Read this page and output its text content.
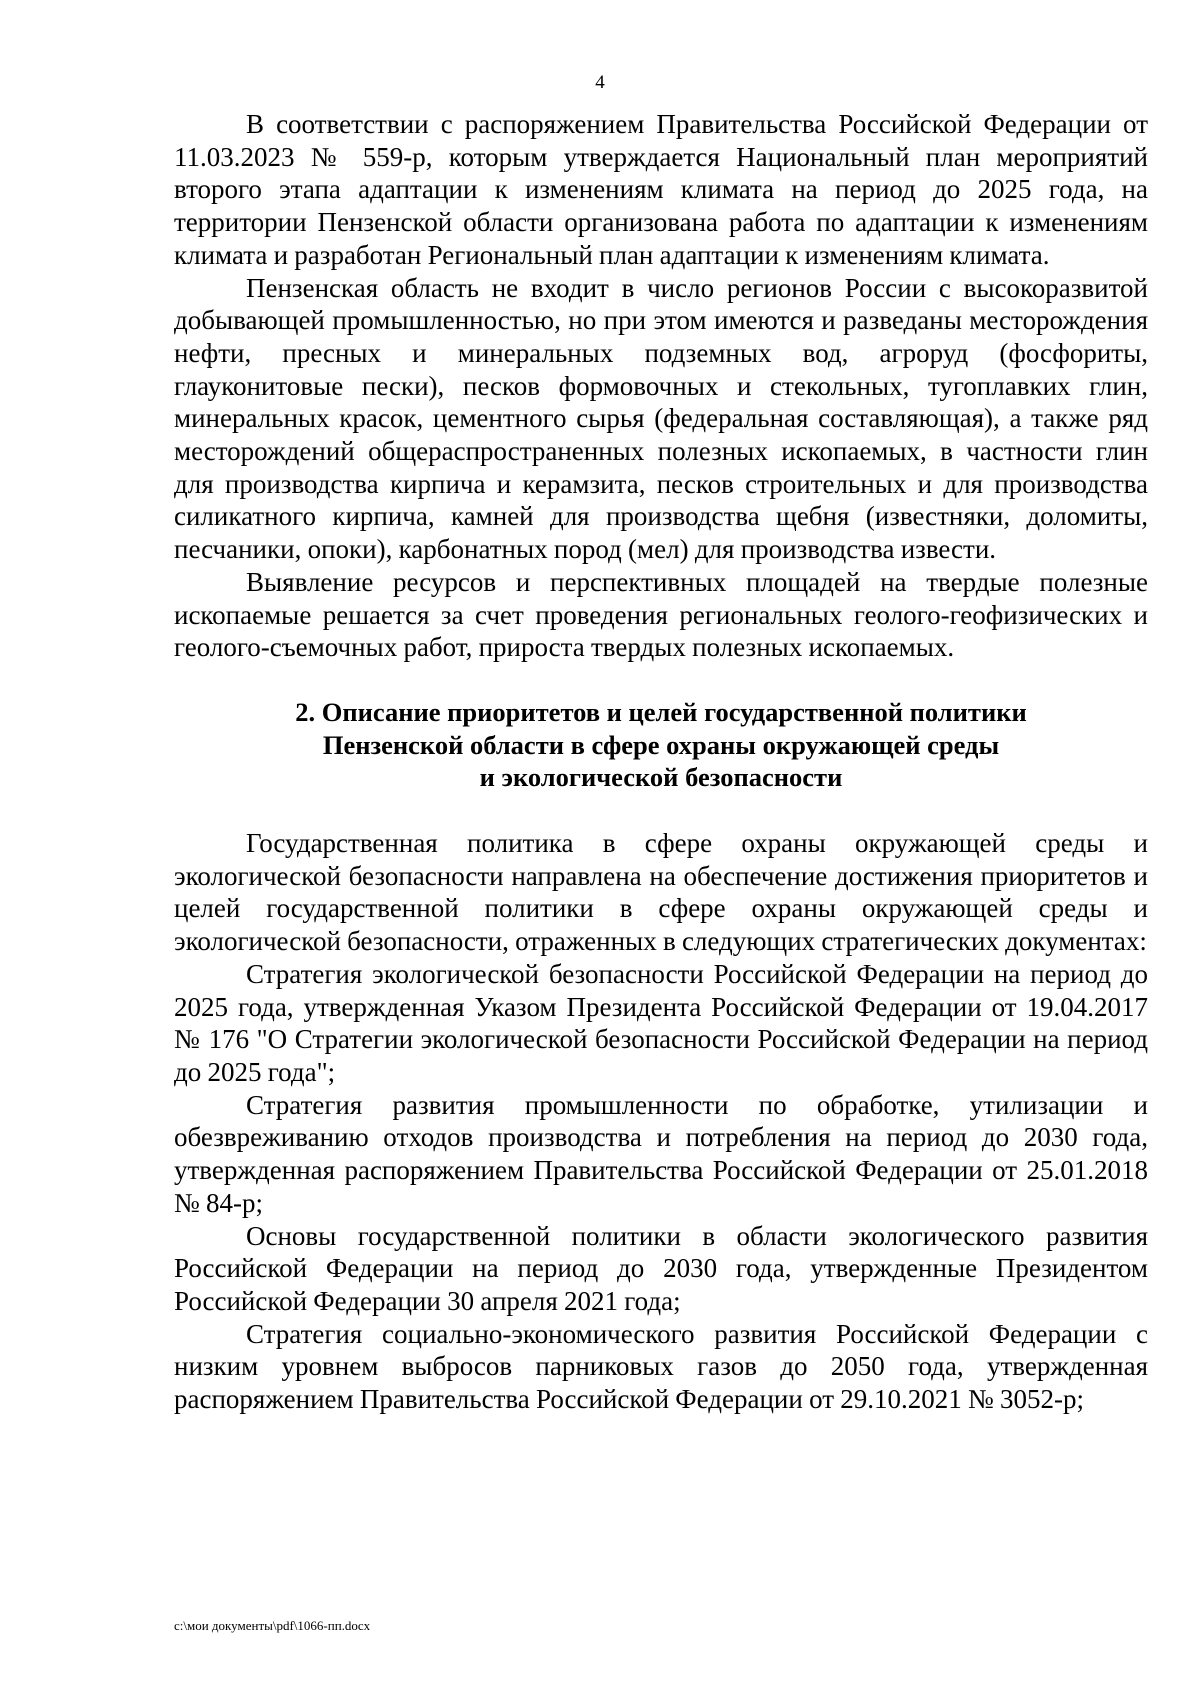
4

В соответствии с распоряжением Правительства Российской Федерации от 11.03.2023 № 559-р, которым утверждается Национальный план мероприятий второго этапа адаптации к изменениям климата на период до 2025 года, на территории Пензенской области организована работа по адаптации к изменениям климата и разработан Региональный план адаптации к изменениям климата.

Пензенская область не входит в число регионов России с высокоразвитой добывающей промышленностью, но при этом имеются и разведаны месторождения нефти, пресных и минеральных подземных вод, агроруд (фосфориты, глауконитовые пески), песков формовочных и стекольных, тугоплавких глин, минеральных красок, цементного сырья (федеральная составляющая), а также ряд месторождений общераспространенных полезных ископаемых, в частности глин для производства кирпича и керамзита, песков строительных и для производства силикатного кирпича, камней для производства щебня (известняки, доломиты, песчаники, опоки), карбонатных пород (мел) для производства извести.

Выявление ресурсов и перспективных площадей на твердые полезные ископаемые решается за счет проведения региональных геолого-геофизических и геолого-съемочных работ, прироста твердых полезных ископаемых.

2. Описание приоритетов и целей государственной политики
Пензенской области в сфере охраны окружающей среды
и экологической безопасности

Государственная политика в сфере охраны окружающей среды и экологической безопасности направлена на обеспечение достижения приоритетов и целей государственной политики в сфере охраны окружающей среды и экологической безопасности, отраженных в следующих стратегических документах:

Стратегия экологической безопасности Российской Федерации на период до 2025 года, утвержденная Указом Президента Российской Федерации от 19.04.2017 № 176 "О Стратегии экологической безопасности Российской Федерации на период до 2025 года";

Стратегия развития промышленности по обработке, утилизации и обезвреживанию отходов производства и потребления на период до 2030 года, утвержденная распоряжением Правительства Российской Федерации от 25.01.2018 № 84-р;

Основы государственной политики в области экологического развития Российской Федерации на период до 2030 года, утвержденные Президентом Российской Федерации 30 апреля 2021 года;

Стратегия социально-экономического развития Российской Федерации с низким уровнем выбросов парниковых газов до 2050 года, утвержденная распоряжением Правительства Российской Федерации от 29.10.2021 № 3052-р;

c:\мои документы\pdf\1066-пп.docx
